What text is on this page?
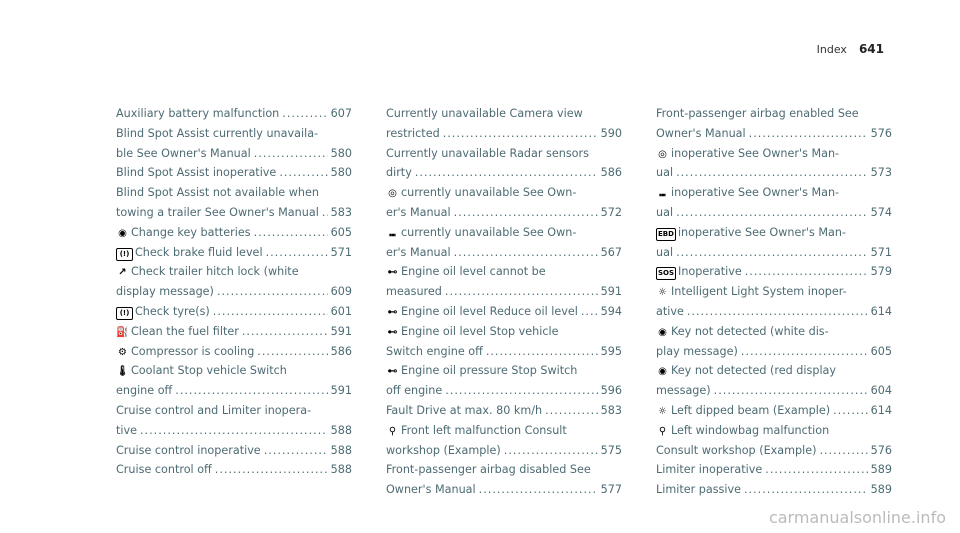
Index 641
Auxiliary battery malfunction .....	607
Blind Spot Assist currently unavaila-
ble See Owner's Manual .....	580
Blind Spot Assist inoperative .....	580
Blind Spot Assist not available when
towing a trailer See Owner's Manual ..... 583
◉ Change key batteries .....	605
(!) Check brake fluid level .....	571
↗ Check trailer hitch lock (white
display message) .....	609
(!) Check tyre(s) .....	601
⛽ Clean the fuel filter .....	591
⚙ Compressor is cooling .....	586
🌡 Coolant Stop vehicle Switch
engine off .....	591
Cruise control and Limiter inopera-
tive .....	588
Cruise control inoperative .....	588
Cruise control off .....	588
Currently unavailable Camera view
restricted .....	590
Currently unavailable Radar sensors
dirty .....	586
◎ currently unavailable See Own-
er's Manual .....	572
⑉ currently unavailable See Own-
er's Manual .....	567
⊷ Engine oil level cannot be
measured .....	591
⊷ Engine oil level Reduce oil level ..... 594
⊷ Engine oil level Stop vehicle
Switch engine off .....	595
⊷ Engine oil pressure Stop Switch
off engine .....	596
Fault Drive at max. 80 km/h .....	583
⚲ Front left malfunction Consult
workshop (Example) .....	575
Front-passenger airbag disabled See
Owner's Manual .....	577
Front-passenger airbag enabled See
Owner's Manual .....	576
◎ inoperative See Owner's Man-
ual .....	573
⑉ inoperative See Owner's Man-
ual .....	574
EBD inoperative See Owner's Man-
ual .....	571
SOS Inoperative .....	579
☼ Intelligent Light System inoper-
ative .....	614
◉ Key not detected (white dis-
play message) .....	605
◉ Key not detected (red display
message) .....	604
☼ Left dipped beam (Example) .....	614
⚲ Left windowbag malfunction
Consult workshop (Example) .....	576
Limiter inoperative .....	589
Limiter passive .....	589
carmanualsonline.info
